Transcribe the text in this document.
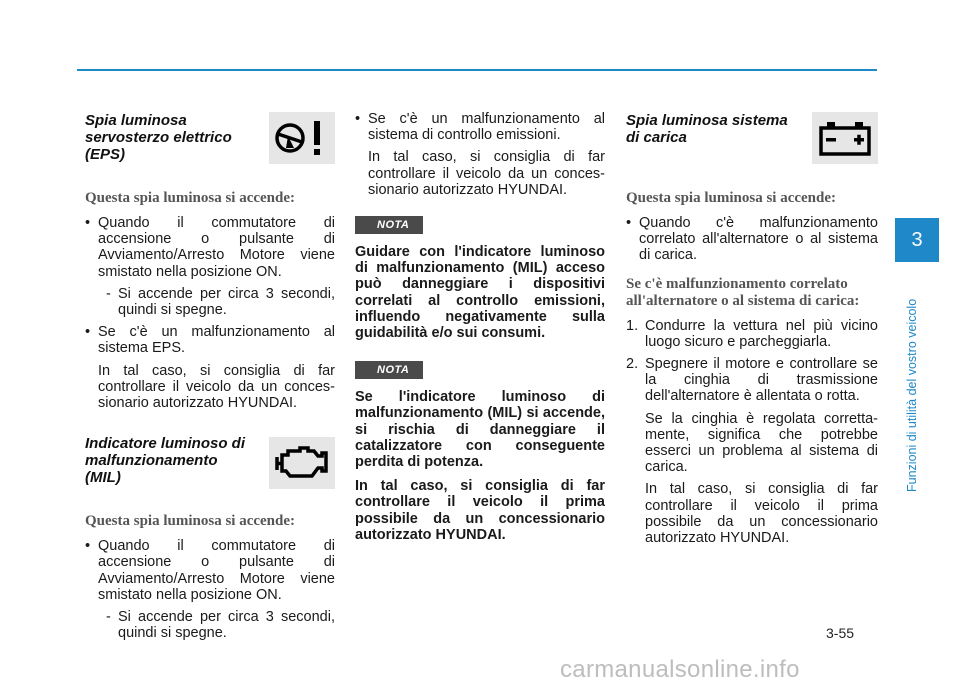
Spia luminosa servosterzo elettrico (EPS)
Questa spia luminosa si accende:
• Quando il commutatore di accensione o pulsante di Avviamento/Arresto Motore viene smistato nella posizione ON.
- Si accende per circa 3 secondi, quindi si spegne.
• Se c'è un malfunzionamento al sistema EPS.
In tal caso, si consiglia di far controllare il veicolo da un conces- sionario autorizzato HYUNDAI.
Indicatore luminoso di malfunzionamento (MIL)
Questa spia luminosa si accende:
• Quando il commutatore di accensione o pulsante di Avviamento/Arresto Motore viene smistato nella posizione ON.
- Si accende per circa 3 secondi, quindi si spegne.
• Se c'è un malfunzionamento al sistema di controllo emissioni.
In tal caso, si consiglia di far controllare il veicolo da un conces- sionario autorizzato HYUNDAI.
NOTA
Guidare con l'indicatore luminoso di malfunzionamento (MIL) acceso può danneggiare i dispositivi correlati al controllo emissioni, influendo negativamente sulla guidabilità e/o sui consumi.
NOTA
Se l'indicatore luminoso di malfunzionamento (MIL) si accende, si rischia di danneggiare il catalizzatore con conseguente perdita di potenza.
In tal caso, si consiglia di far controllare il veicolo il prima possibile da un concessionario autorizzato HYUNDAI.
Spia luminosa sistema di carica
Questa spia luminosa si accende:
• Quando c'è malfunzionamento correlato all'alternatore o al sistema di carica.
Se c'è malfunzionamento correlato all'alternatore o al sistema di carica:
1. Condurre la vettura nel più vicino luogo sicuro e parcheggiarla.
2. Spegnere il motore e controllare se la cinghia di trasmissione dell'alternatore è allentata o rotta.
Se la cinghia è regolata corretta- mente, significa che potrebbe esserci un problema al sistema di carica.
In tal caso, si consiglia di far controllare il veicolo il prima possibile da un concessionario autorizzato HYUNDAI.
3
Funzioni di utilità del vostro veicolo
3-55
carmanualsonline.info
